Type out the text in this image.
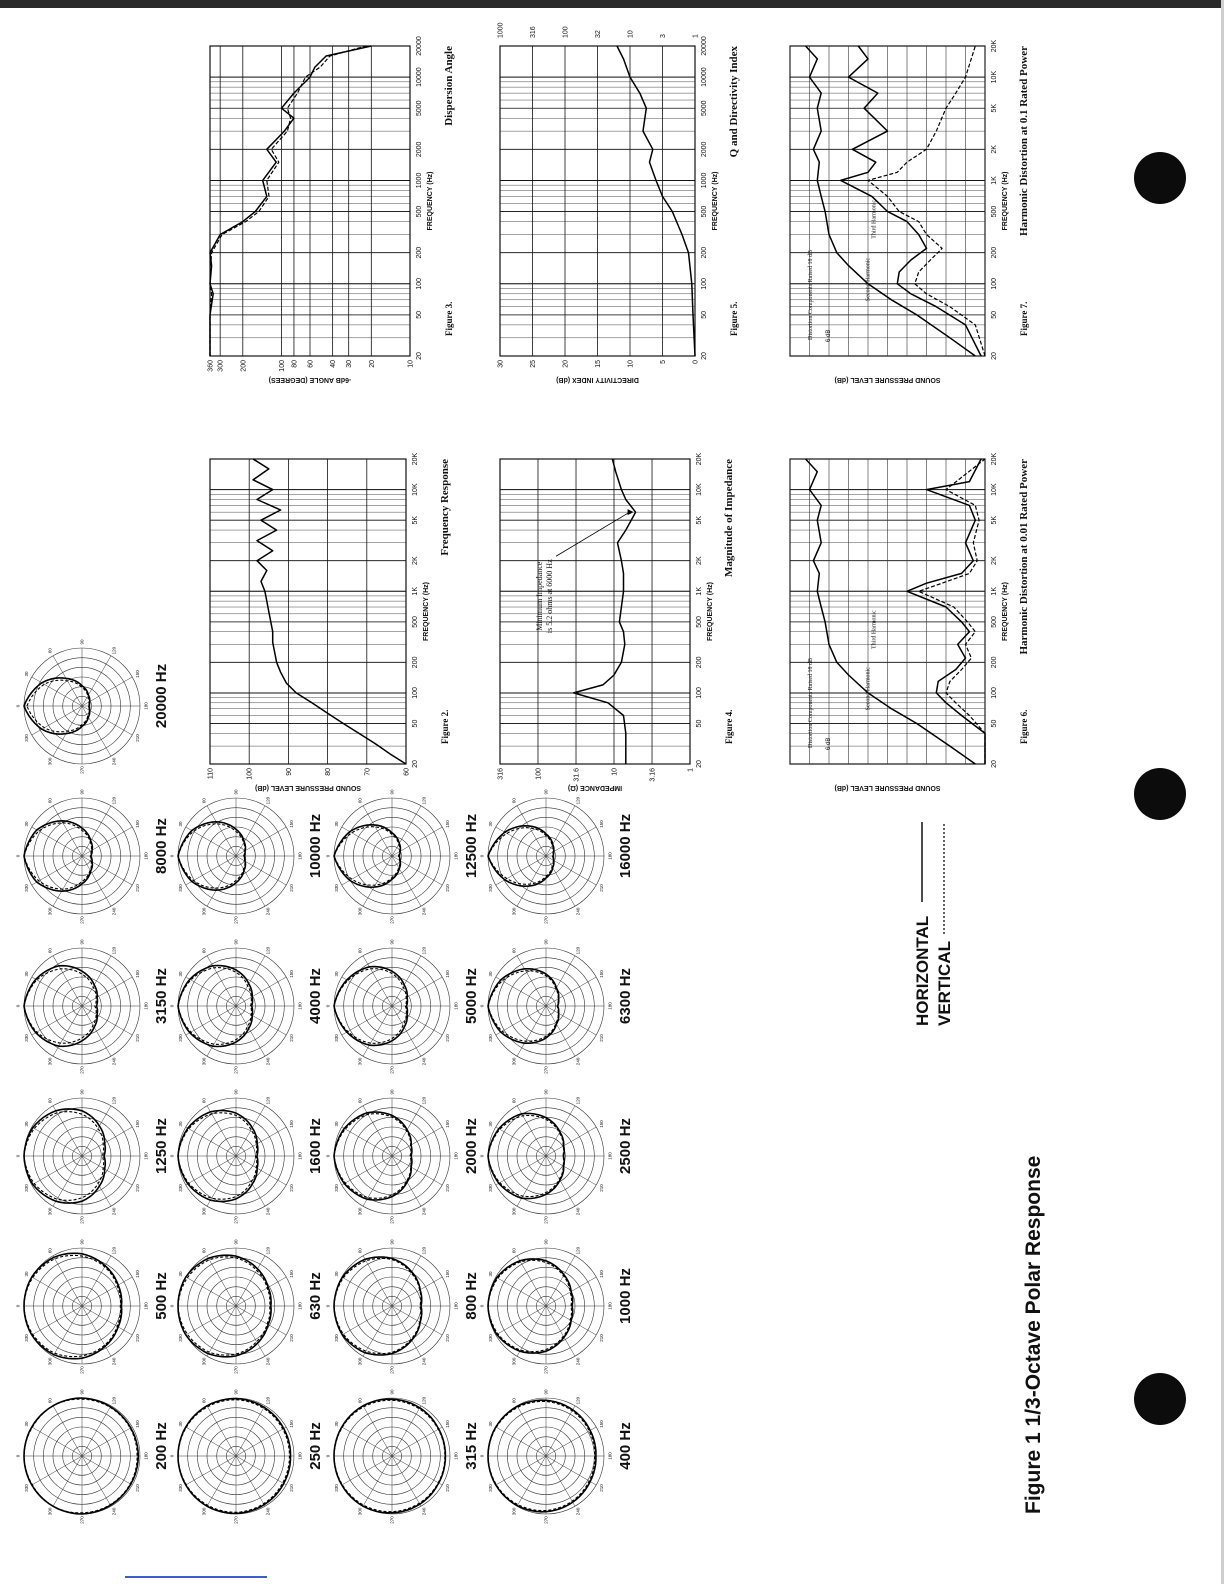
0
30
60
90
120
150
180
210
240
270
300
330
200 Hz
0
30
60
90
120
150
180
210
240
270
300
330
500 Hz
0
30
60
90
120
150
180
210
240
270
300
330
1250 Hz
0
30
60
90
120
150
180
210
240
270
300
330
3150 Hz
0
30
60
90
120
150
180
210
240
270
300
330
8000 Hz
0
30
60
90
120
150
180
210
240
270
300
330
20000 Hz
0
30
60
90
120
150
180
210
240
270
300
330
250 Hz
0
30
60
90
120
150
180
210
240
270
300
330
630 Hz
0
30
60
90
120
150
180
210
240
270
300
330
1600 Hz
0
30
60
90
120
150
180
210
240
270
300
330
4000 Hz
0
30
60
90
120
150
180
210
240
270
300
330
10000 Hz
0
30
60
90
120
150
180
210
240
270
300
330
315 Hz
0
30
60
90
120
150
180
210
240
270
300
330
800 Hz
0
30
60
90
120
150
180
210
240
270
300
330
2000 Hz
0
30
60
90
120
150
180
210
240
270
300
330
5000 Hz
0
30
60
90
120
150
180
210
240
270
300
330
12500 Hz
0
30
60
90
120
150
180
210
240
270
300
330
400 Hz
0
30
60
90
120
150
180
210
240
270
300
330
1000 Hz
0
30
60
90
120
150
180
210
240
270
300
330
2500 Hz
0
30
60
90
120
150
180
210
240
270
300
330
6300 Hz
0
30
60
90
120
150
180
210
240
270
300
330
16000 Hz
Figure 1 1/3-Octave Polar Response
HORIZONTAL VERTICAL
20
50
100
200
500
1K
2K
5K
10K
20K
60
70
80
90
100
110
FREQUENCY (Hz)
SOUND PRESSURE LEVEL (dB)
Figure 2.
Frequency Response
20
50
100
200
500
1K
2K
5K
10K
20K
1
3.16
10
31.6
100
316
FREQUENCY (Hz)
IMPEDANCE (Ω)
Figure 4.
Magnitude of Impedance
Minimum Impedance is 5.2 ohms at 6000 Hz
20
50
100
200
500
1K
2K
5K
10K
20K
FREQUENCY (Hz)
SOUND PRESSURE LEVEL (dB)
Figure 6.
Harmonic Distortion at 0.01 Rated Power
Distortion Components Raised 18 dB	Second Harmonic
Third Harmonic
6 dB
20
50
100
200
500
1000
2000
5000
10000
20000
10
20
30
40
60
80
100
200
300
360
FREQUENCY (Hz)
-6dB ANGLE (DEGREES)
Figure 3.
Dispersion Angle
20
50
100
200
500
1000
2000
5000
10000
20000
0
5
10
15
20
25
30
FREQUENCY (Hz)
DIRECTIVITY INDEX (dB)
Figure 5.
Q and Directivity Index
1
3
10
32
100
316
1000
20
50
100
200
500
1K
2K
5K
10K
20K
FREQUENCY (Hz)
SOUND PRESSURE LEVEL (dB)
Figure 7.
Harmonic Distortion at 0.1 Rated Power
Distortion Components Raised 18 dB	Second Harmonic
Third Harmonic
6 dB
